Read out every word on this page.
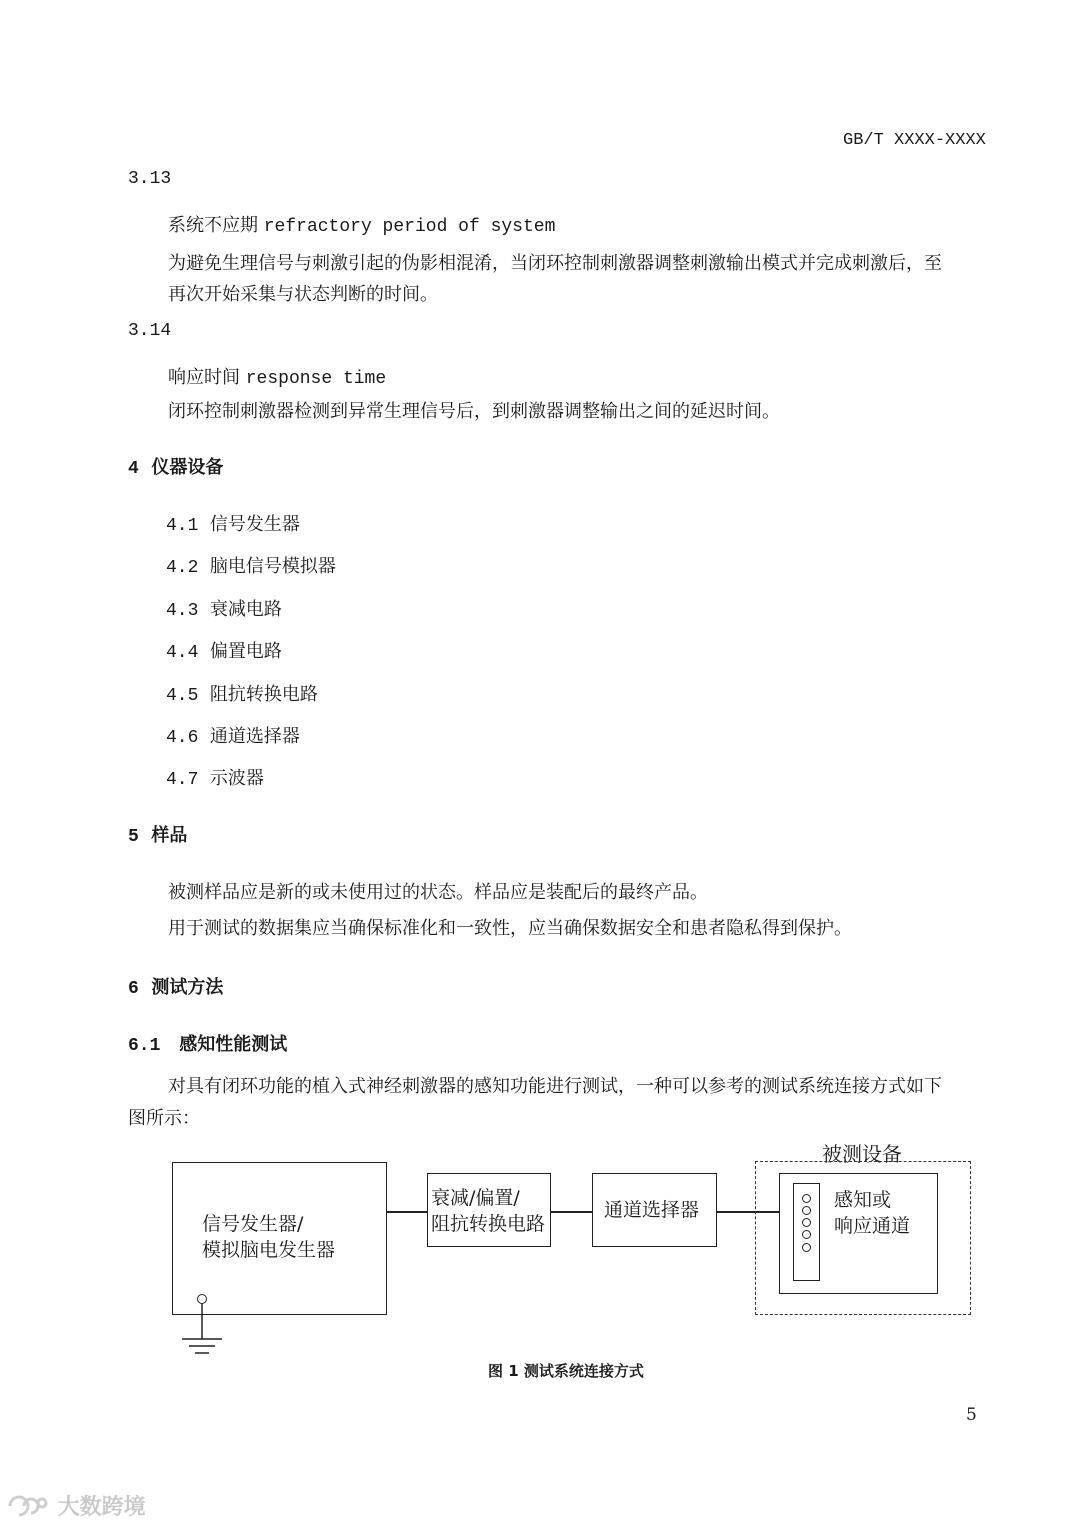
GB/T XXXX-XXXX
3.13
系统不应期 refractory period of system
为避免生理信号与刺激引起的伪影相混淆，当闭环控制刺激器调整刺激输出模式并完成刺激后，至
再次开始采集与状态判断的时间。
3.14
响应时间 response time
闭环控制刺激器检测到异常生理信号后，到刺激器调整输出之间的延迟时间。
4 仪器设备
4.1 信号发生器
4.2 脑电信号模拟器
4.3 衰减电路
4.4 偏置电路
4.5 阻抗转换电路
4.6 通道选择器
4.7 示波器
5 样品
被测样品应是新的或未使用过的状态。样品应是装配后的最终产品。
用于测试的数据集应当确保标准化和一致性，应当确保数据安全和患者隐私得到保护。
6 测试方法
6.1 感知性能测试
对具有闭环功能的植入式神经刺激器的感知功能进行测试，一种可以参考的测试系统连接方式如下
图所示：
信号发生器/
模拟脑电发生器
衰减/偏置/
阻抗转换电路
通道选择器
被测设备
感知或
响应通道
图 1 测试系统连接方式
5
大数跨境
